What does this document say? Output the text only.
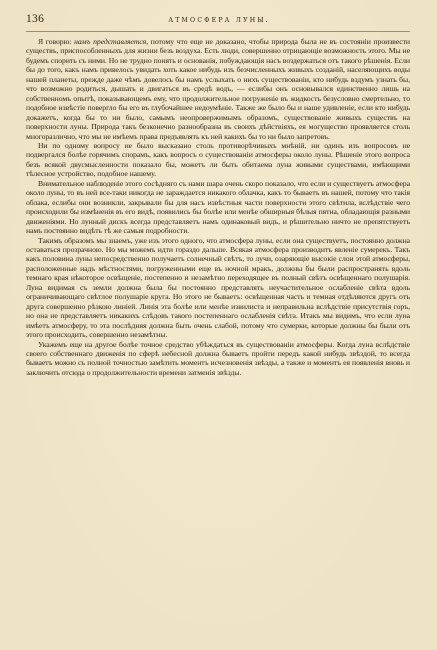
136	АТМОСФЕРА ЛУНЫ.

Я говорю: намъ представляется, потому что еще не доказано, чтобы природа была не въ состояніи произвести существъ, приспособленныхъ для жизни безъ воздуха. Есть люди, совершенно отрицающіе возможность этого. Мы не будемъ спорить съ ними. Но не трудно понять и основанія, побуждающія насъ воздержаться отъ такого рѣшенія. Если бы до того, какъ намъ привелось увидать хоть какое нибудь изъ безчисленныхъ живыхъ созданій, населяющихъ воды нашей планеты, прежде даже чѣмъ довелось бы намъ услыхать о нихъ существованіи, кто нибудь вздумъ узнать бы, что возможно родиться, дышать и двигаться въ средѣ водъ, — еслибы онъ основывался единственно лишь на собственномъ опытѣ, показывающемъ ему, что продолжительное погруженіе въ жидкость безусловно смертельно, то подобное извѣстіе повергло бы его въ глубочайшее недоумѣніе. Также же было бы и наше удивленіе, если кто нибудь докажетъ, когда бы то ни было, самымъ неопровержимымъ образомъ, существованіе живыхъ существъ на поверхности луны. Природа такъ безконечно разнообразна въ своихъ дѣйствіяхъ, ея могущество проявляется столь многоразлично, что мы не имѣемъ права предъявлять къ ней какихъ бы то ни было запретовъ.

Ни по одному вопросу не было высказано столь противорѣчивыхъ мнѣній, ни одинъ изъ вопросовъ не подвергался болѣе горячимъ спорамъ, какъ вопросъ о существованіи атмосферы около луны. Рѣшеніе этого вопроса безъ всякой двусмысленности показало бы, можетъ ли быть обитаема луна живыми существами, имѣющими тѣлесное устройство, подобное нашему.

Внимательное наблюденіе этого сосѣдняго съ нами шара очень скоро показало, что если и существуетъ атмосфера около луны, то въ ней все-таки никогда не зараждается никакого облачка, какъ то бываетъ въ нашей, потому что такія облака, еслибы они возникли, закрывали бы для насъ извѣстныя части поверхности этого свѣтила, вслѣдствіе чего происходили бы измѣненія въ его видѣ, появились бы болѣе или менѣе обширныя бѣлыя пятна, обладающія разными движеніями. Но лунный дискъ всегда представляетъ намъ одинаковый видъ, и рѣшительно ничто не препятствуетъ намъ постоянно видѣть тѣ же самыя подробности.

Такимъ образомъ мы знаемъ, уже изъ этого одного, что атмосфера луны, если она существуетъ, постоянно должна оставаться прозрачною. Но мы можемъ идти гораздо дальше. Всякая атмосфера производитъ явленіе сумерекъ. Такъ какъ половина луны непосредственно получаетъ солнечный свѣтъ, то лучи, озаряющіе высокіе слои этой атмосферы, расположенные надъ мѣстностями, погруженными еще въ ночной мракъ, должны бы были распространять вдоль темнаго края нѣкоторое освѣщеніе, постепенно и незамѣтно переходящее въ полный свѣтъ освѣщеннаго полушарія. Луна видимая съ земли должна была бы постоянно представлять неучастительное ослабленіе свѣта вдоль ограничивающаго свѣтлое полушаріе круга. Но этого не бываетъ: освѣщенная часть и темная отдѣляются другъ отъ друга совершенно рѣзкою линіей. Линія эта болѣе или менѣе извилиста и неправильна вслѣдствіе присутствія горъ, но она не представляетъ никакихъ слѣдовъ такого постепеннаго ослабленія свѣта. Итакъ мы видимъ, что если луна имѣетъ атмосферу, то эта послѣдняя должна быть очень слабой, потому что сумерки, которые должны бы были отъ этого происходить, совершенно незамѣтны.

Укажемъ еще на другое болѣе точное средство убѣждаться въ существованіи атмосферы. Когда луна вслѣдствіе своего собственнаго движенія по сферѣ небесной должна бываетъ пройти передъ какой нибудь звѣздой, то всегда бываетъ можно съ полной точностью замѣтить моментъ исчезновенія звѣзды, а также и моментъ ея появленія вновь и заключить отсюда о продолжительности времени затменія звѣзды.
